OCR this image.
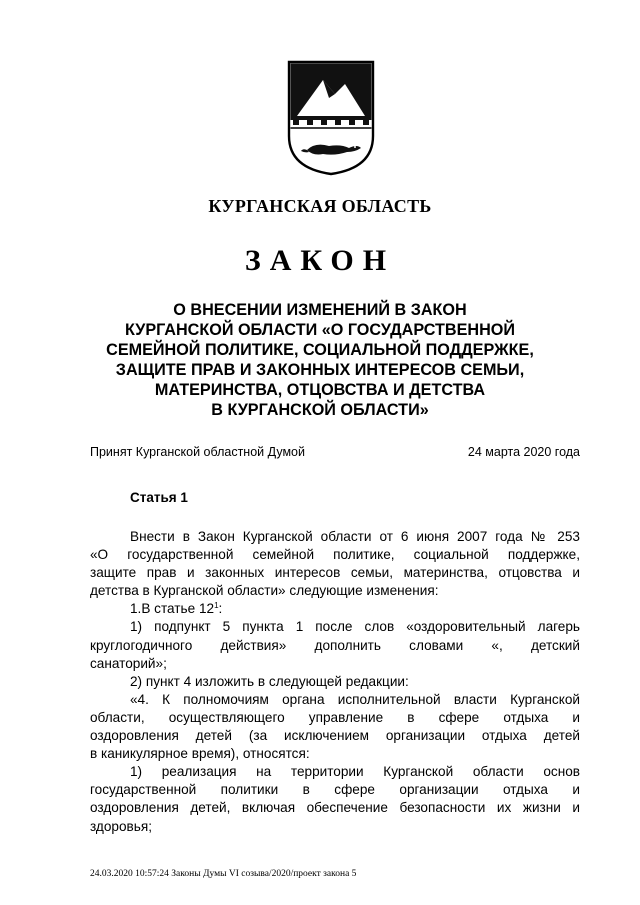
КУРГАНСКАЯ ОБЛАСТЬ
ЗАКОН
О ВНЕСЕНИИ ИЗМЕНЕНИЙ В ЗАКОН
КУРГАНСКОЙ ОБЛАСТИ «О ГОСУДАРСТВЕННОЙ
СЕМЕЙНОЙ ПОЛИТИКЕ, СОЦИАЛЬНОЙ ПОДДЕРЖКЕ,
ЗАЩИТЕ ПРАВ И ЗАКОННЫХ ИНТЕРЕСОВ СЕМЬИ,
МАТЕРИНСТВА, ОТЦОВСТВА И ДЕТСТВА
В КУРГАНСКОЙ ОБЛАСТИ»
Принят Курганской областной Думой	24 марта 2020 года
Статья 1
Внести в Закон Курганской области от 6 июня 2007 года № 253
«О государственной семейной политике, социальной поддержке,
защите прав и законных интересов семьи, материнства, отцовства и
детства в Курганской области» следующие изменения:
1.В статье $12^1$:
1) подпункт 5 пункта 1 после слов «оздоровительный лагерь
круглогодичного действия» дополнить словами «, детский
санаторий»;
2) пункт 4 изложить в следующей редакции:
«4. К полномочиям органа исполнительной власти Курганской
области, осуществляющего управление в сфере отдыха и
оздоровления детей (за исключением организации отдыха детей
в каникулярное время), относятся:
1) реализация на территории Курганской области основ
государственной политики в сфере организации отдыха и
оздоровления детей, включая обеспечение безопасности их жизни и
здоровья;
24.03.2020 10:57:24 Законы Думы VI созыва/2020/проект закона 5
